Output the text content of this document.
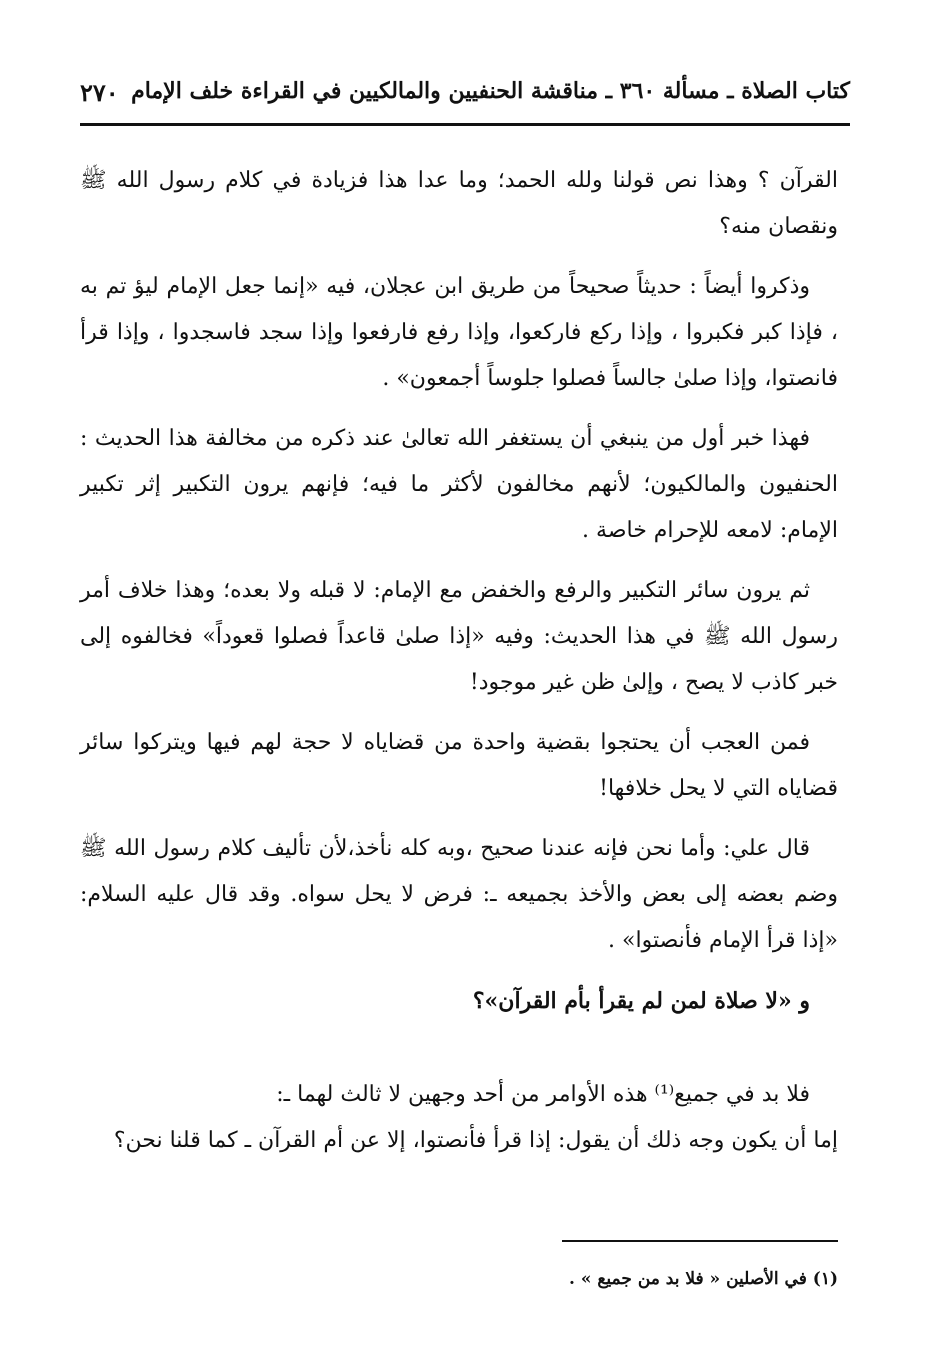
كتاب الصلاة ـ مسألة ٣٦٠ ـ مناقشة الحنفيين والمالكيين في القراءة خلف الإمام
٢٧٠

القرآن ؟ وهذا نص قولنا ولله الحمد؛ وما عدا هذا فزيادة في كلام رسول الله ﷺ ونقصان منه؟

وذكروا أيضاً : حديثاً صحيحاً من طريق ابن عجلان، فيه «إنما جعل الإمام ليؤ تم به ، فإذا كبر فكبروا ، وإذا ركع فاركعوا، وإذا رفع فارفعوا وإذا سجد فاسجدوا ، وإذا قرأ فانصتوا، وإذا صلىٰ جالساً فصلوا جلوساً أجمعون» .

فهذا خبر أول من ينبغي أن يستغفر الله تعالىٰ عند ذكره من مخالفة هذا الحديث : الحنفيون والمالكيون؛ لأنهم مخالفون لأكثر ما فيه؛ فإنهم يرون التكبير إثر تكبير الإمام: لامعه للإحرام خاصة .

ثم يرون سائر التكبير والرفع والخفض مع الإمام: لا قبله ولا بعده؛ وهذا خلاف أمر رسول الله ﷺ في هذا الحديث: وفيه «إذا صلىٰ قاعداً فصلوا قعوداً» فخالفوه إلى خبر كاذب لا يصح ، وإلىٰ ظن غير موجود!

فمن العجب أن يحتجوا بقضية واحدة من قضاياه لا حجة لهم فيها ويتركوا سائر قضاياه التي لا يحل خلافها!

قال علي: وأما نحن فإنه عندنا صحيح ،وبه كله نأخذ،لأن تأليف كلام رسول الله ﷺ وضم بعضه إلى بعض والأخذ بجميعه ـ: فرض لا يحل سواه. وقد قال عليه السلام: «إذا قرأ الإمام فأنصتوا» .

و «لا صلاة لمن لم يقرأ بأم القرآن»؟

فلا بد في جميع⁽¹⁾ هذه الأوامر من أحد وجهين لا ثالث لهما ـ:

إما أن يكون وجه ذلك أن يقول: إذا قرأ فأنصتوا، إلا عن أم القرآن ـ كما قلنا نحن؟

(١) في الأصلين « فلا بد من جميع » .
